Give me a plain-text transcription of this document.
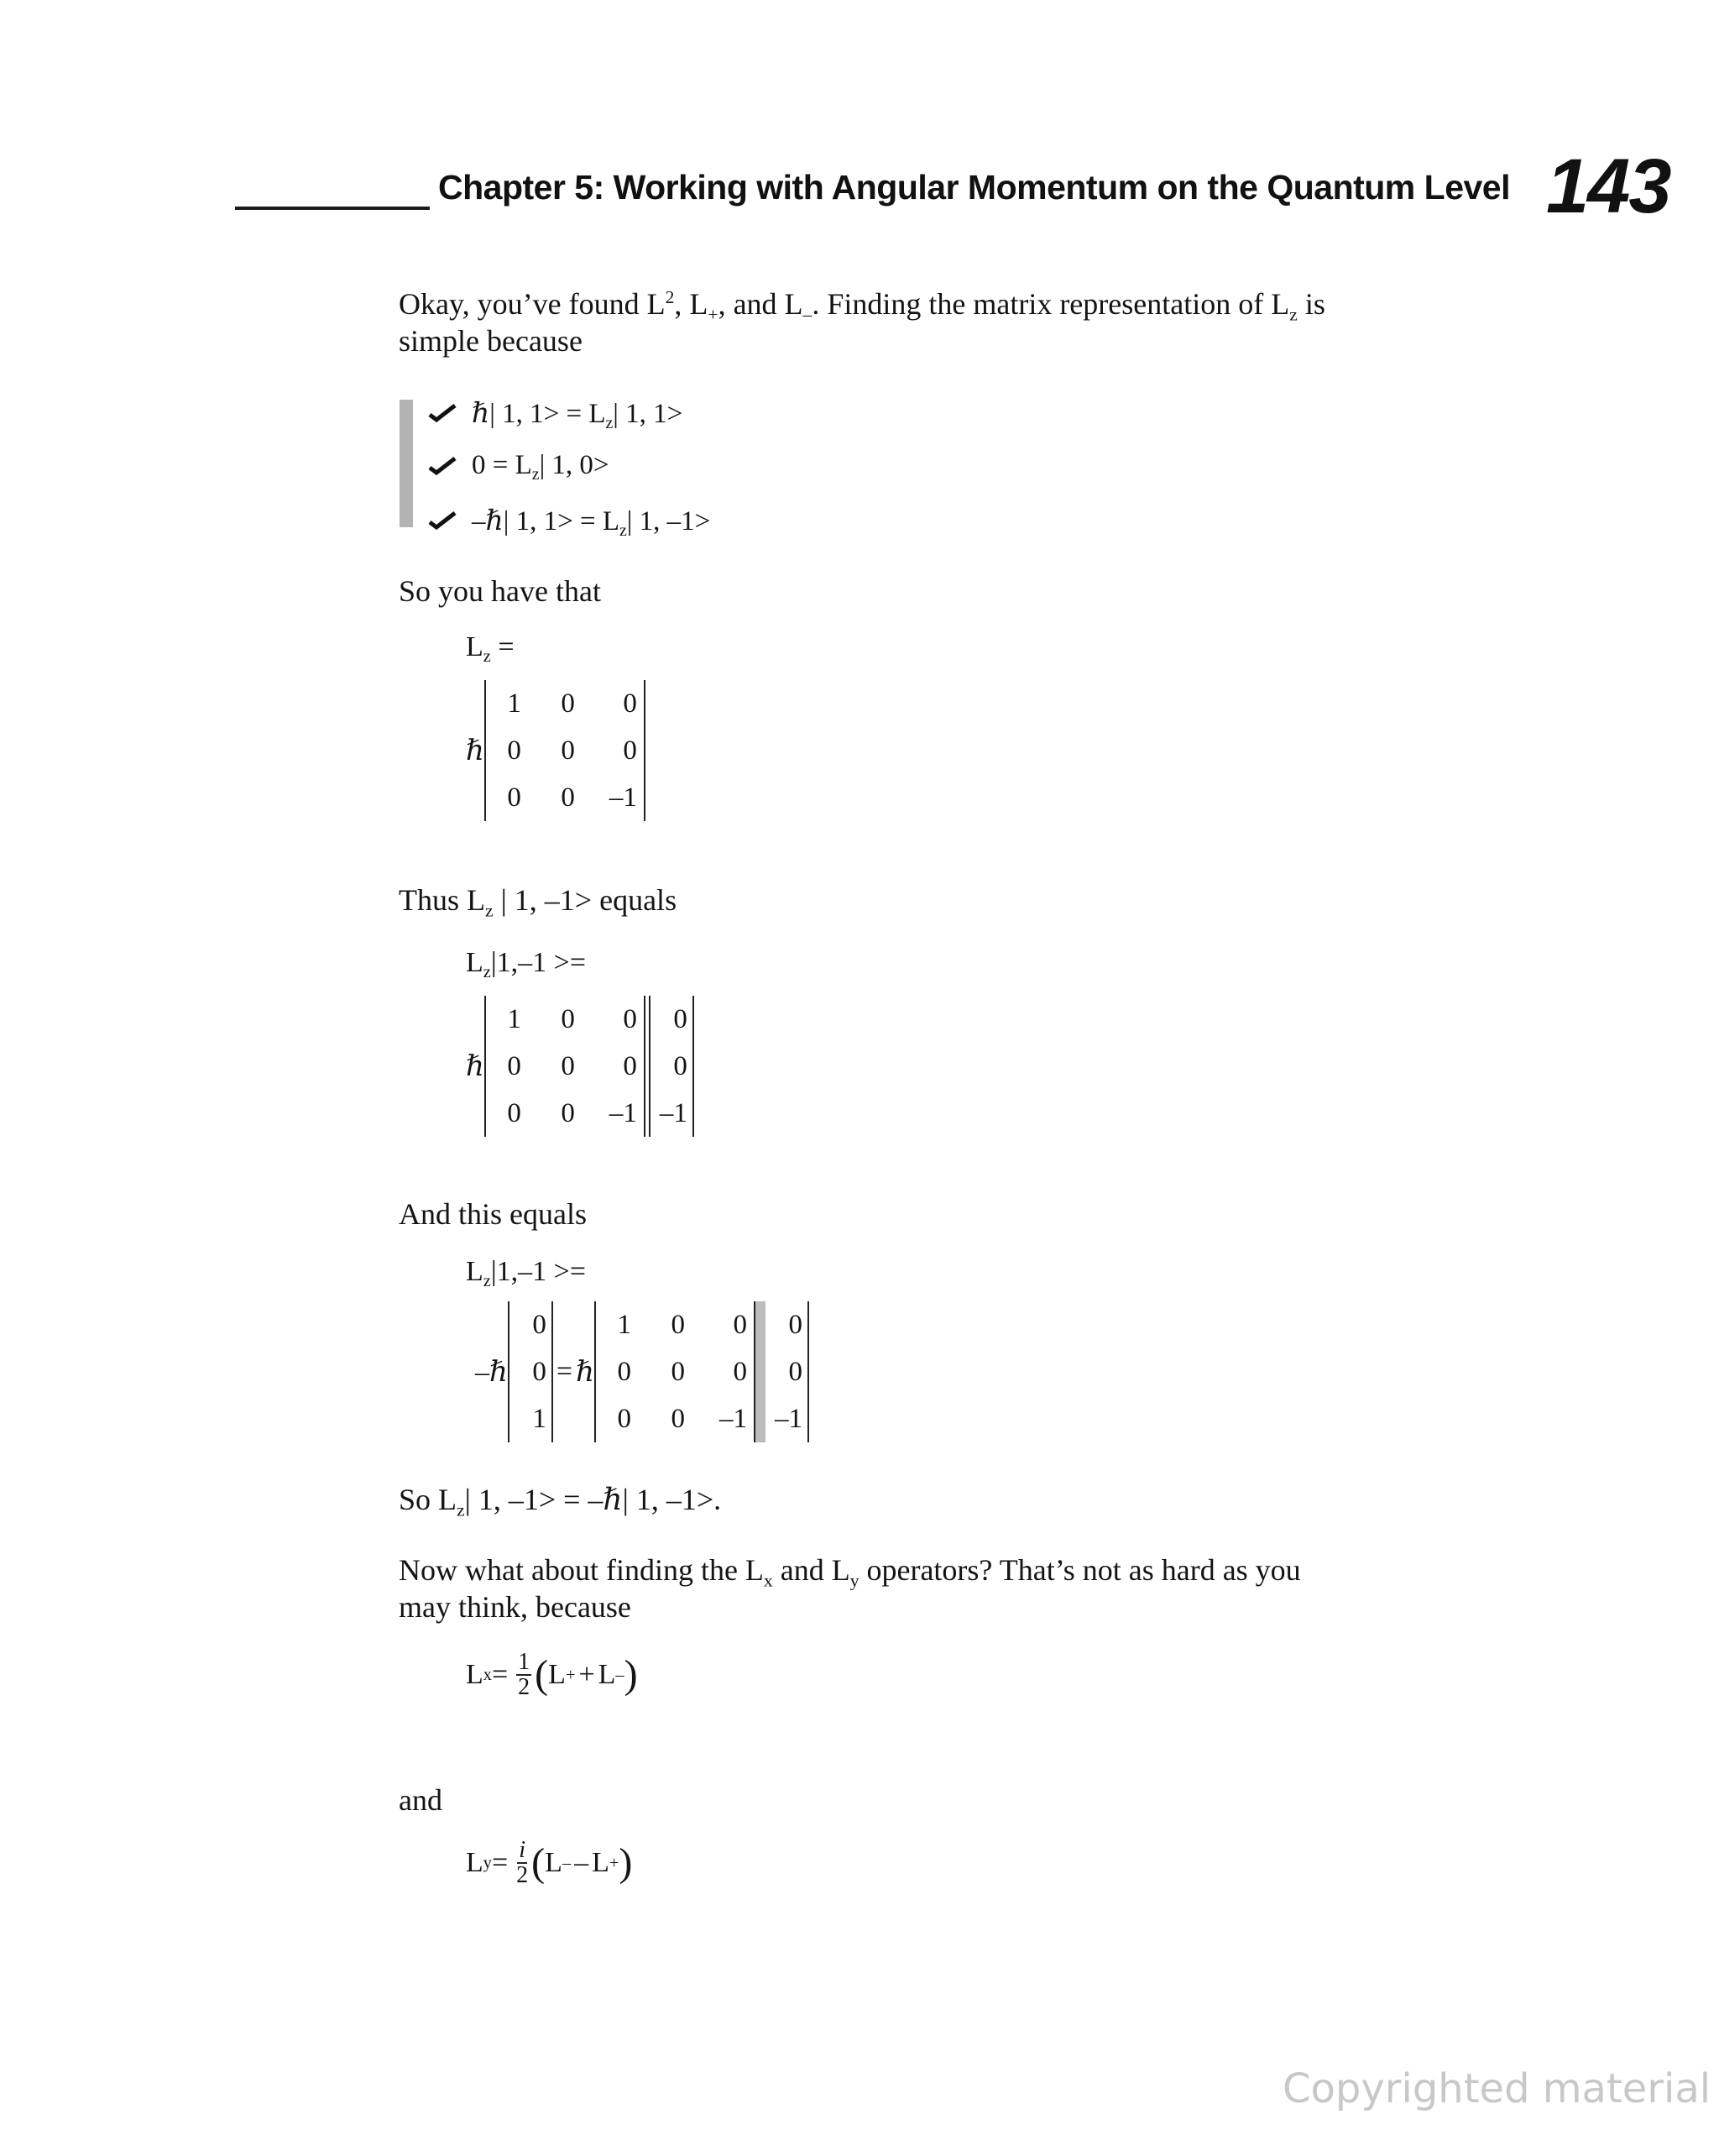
Chapter 5: Working with Angular Momentum on the Quantum Level 143
Okay, you’ve found $L^2$, $L_+$, and $L_-$. Finding the matrix representation of $L_z$ is
simple because
ℏ| 1, $1> = L_z|$ 1, 1>
$0 = L_z|$ 1, 0>
–ℏ| 1, $1> = L_z|$ 1, –1>
So you have that
$L_z$ =
ℏ
1	0	0
0	0	0
0	0	–1
Thus $L_z$ | 1, –1> equals
$L_z|1,-1$ >=
ℏ
1	0	0
0	0	0
0	0	–1
0
0
–1
And this equals
$L_z|1,-1$ >=
–ℏ
0
0
1
= ℏ
1	0	0
0	0	0
0	0	–1
0
0
–1
So $L_z|$ 1, –1> = –ℏ| 1, –1>.
Now what about finding the $L_x$ and $L_y$ operators? That’s not as hard as you
may think, because
L $x = \frac{1}{2}$ ( L + + L – )
and
L $y = \frac{i}{2}$ ( L – – L + )
Copyrighted material
